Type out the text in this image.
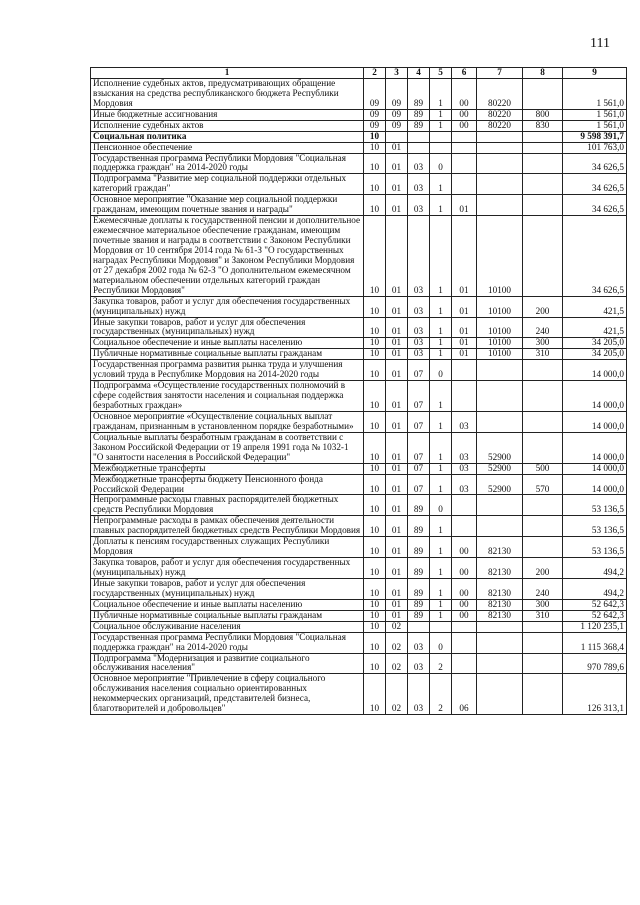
111
1	2	3	4	5	6	7	8	9
Исполнение судебных актов, предусматривающих обращение взыскания на средства республиканского бюджета Республики Мордовия	09	09	89	1	00	80220		1 561,0
Иные бюджетные ассигнования	09	09	89	1	00	80220	800	1 561,0
Исполнение судебных актов	09	09	89	1	00	80220	830	1 561,0
Социальная политика	10							9 598 391,7
Пенсионное обеспечение	10	01						101 763,0
Государственная программа Республики Мордовия "Социальная поддержка граждан" на 2014-2020 годы	10	01	03	0				34 626,5
Подпрограмма "Развитие мер социальной поддержки отдельных категорий граждан"	10	01	03	1				34 626,5
Основное мероприятие "Оказание мер социальной поддержки гражданам, имеющим почетные звания и награды"	10	01	03	1	01			34 626,5
Ежемесячные доплаты к государственной пенсии и дополнительное ежемесячное материальное обеспечение гражданам, имеющим почетные звания и награды в соответствии с Законом Республики Мордовия от 10 сентября 2014 года № 61-З "О государственных наградах Республики Мордовия" и Законом Республики Мордовия от 27 декабря 2002 года № 62-З "О дополнительном ежемесячном материальном обеспечении отдельных категорий граждан Республики Мордовия"	10	01	03	1	01	10100		34 626,5
Закупка товаров, работ и услуг для обеспечения государственных (муниципальных) нужд	10	01	03	1	01	10100	200	421,5
Иные закупки товаров, работ и услуг для обеспечения государственных (муниципальных) нужд	10	01	03	1	01	10100	240	421,5
Социальное обеспечение и иные выплаты населению	10	01	03	1	01	10100	300	34 205,0
Публичные нормативные социальные выплаты гражданам	10	01	03	1	01	10100	310	34 205,0
Государственная программа развития рынка труда и улучшения условий труда в Республике Мордовия на 2014-2020 годы	10	01	07	0				14 000,0
Подпрограмма «Осуществление государственных полномочий в сфере содействия занятости населения и социальная поддержка безработных граждан»	10	01	07	1				14 000,0
Основное мероприятие «Осуществление социальных выплат гражданам, признанным в установленном порядке безработными»	10	01	07	1	03			14 000,0
Социальные выплаты безработным гражданам в соответствии с Законом Российской Федерации от 19 апреля 1991 года № 1032-1 "О занятости населения в Российской Федерации"	10	01	07	1	03	52900		14 000,0
Межбюджетные трансферты	10	01	07	1	03	52900	500	14 000,0
Межбюджетные трансферты бюджету Пенсионного фонда Российской Федерации	10	01	07	1	03	52900	570	14 000,0
Непрограммные расходы главных распорядителей бюджетных средств Республики Мордовия	10	01	89	0				53 136,5
Непрограммные расходы в рамках обеспечения деятельности главных распорядителей бюджетных средств Республики Мордовия	10	01	89	1				53 136,5
Доплаты к пенсиям государственных служащих Республики Мордовия	10	01	89	1	00	82130		53 136,5
Закупка товаров, работ и услуг для обеспечения государственных (муниципальных) нужд	10	01	89	1	00	82130	200	494,2
Иные закупки товаров, работ и услуг для обеспечения государственных (муниципальных) нужд	10	01	89	1	00	82130	240	494,2
Социальное обеспечение и иные выплаты населению	10	01	89	1	00	82130	300	52 642,3
Публичные нормативные социальные выплаты гражданам	10	01	89	1	00	82130	310	52 642,3
Социальное обслуживание населения	10	02						1 120 235,1
Государственная программа Республики Мордовия "Социальная поддержка граждан" на 2014-2020 годы	10	02	03	0				1 115 368,4
Подпрограмма "Модернизация и развитие социального обслуживания населения"	10	02	03	2				970 789,6
Основное мероприятие "Привлечение в сферу социального обслуживания населения социально ориентированных некоммерческих организаций, представителей бизнеса, благотворителей и добровольцев"	10	02	03	2	06			126 313,1
